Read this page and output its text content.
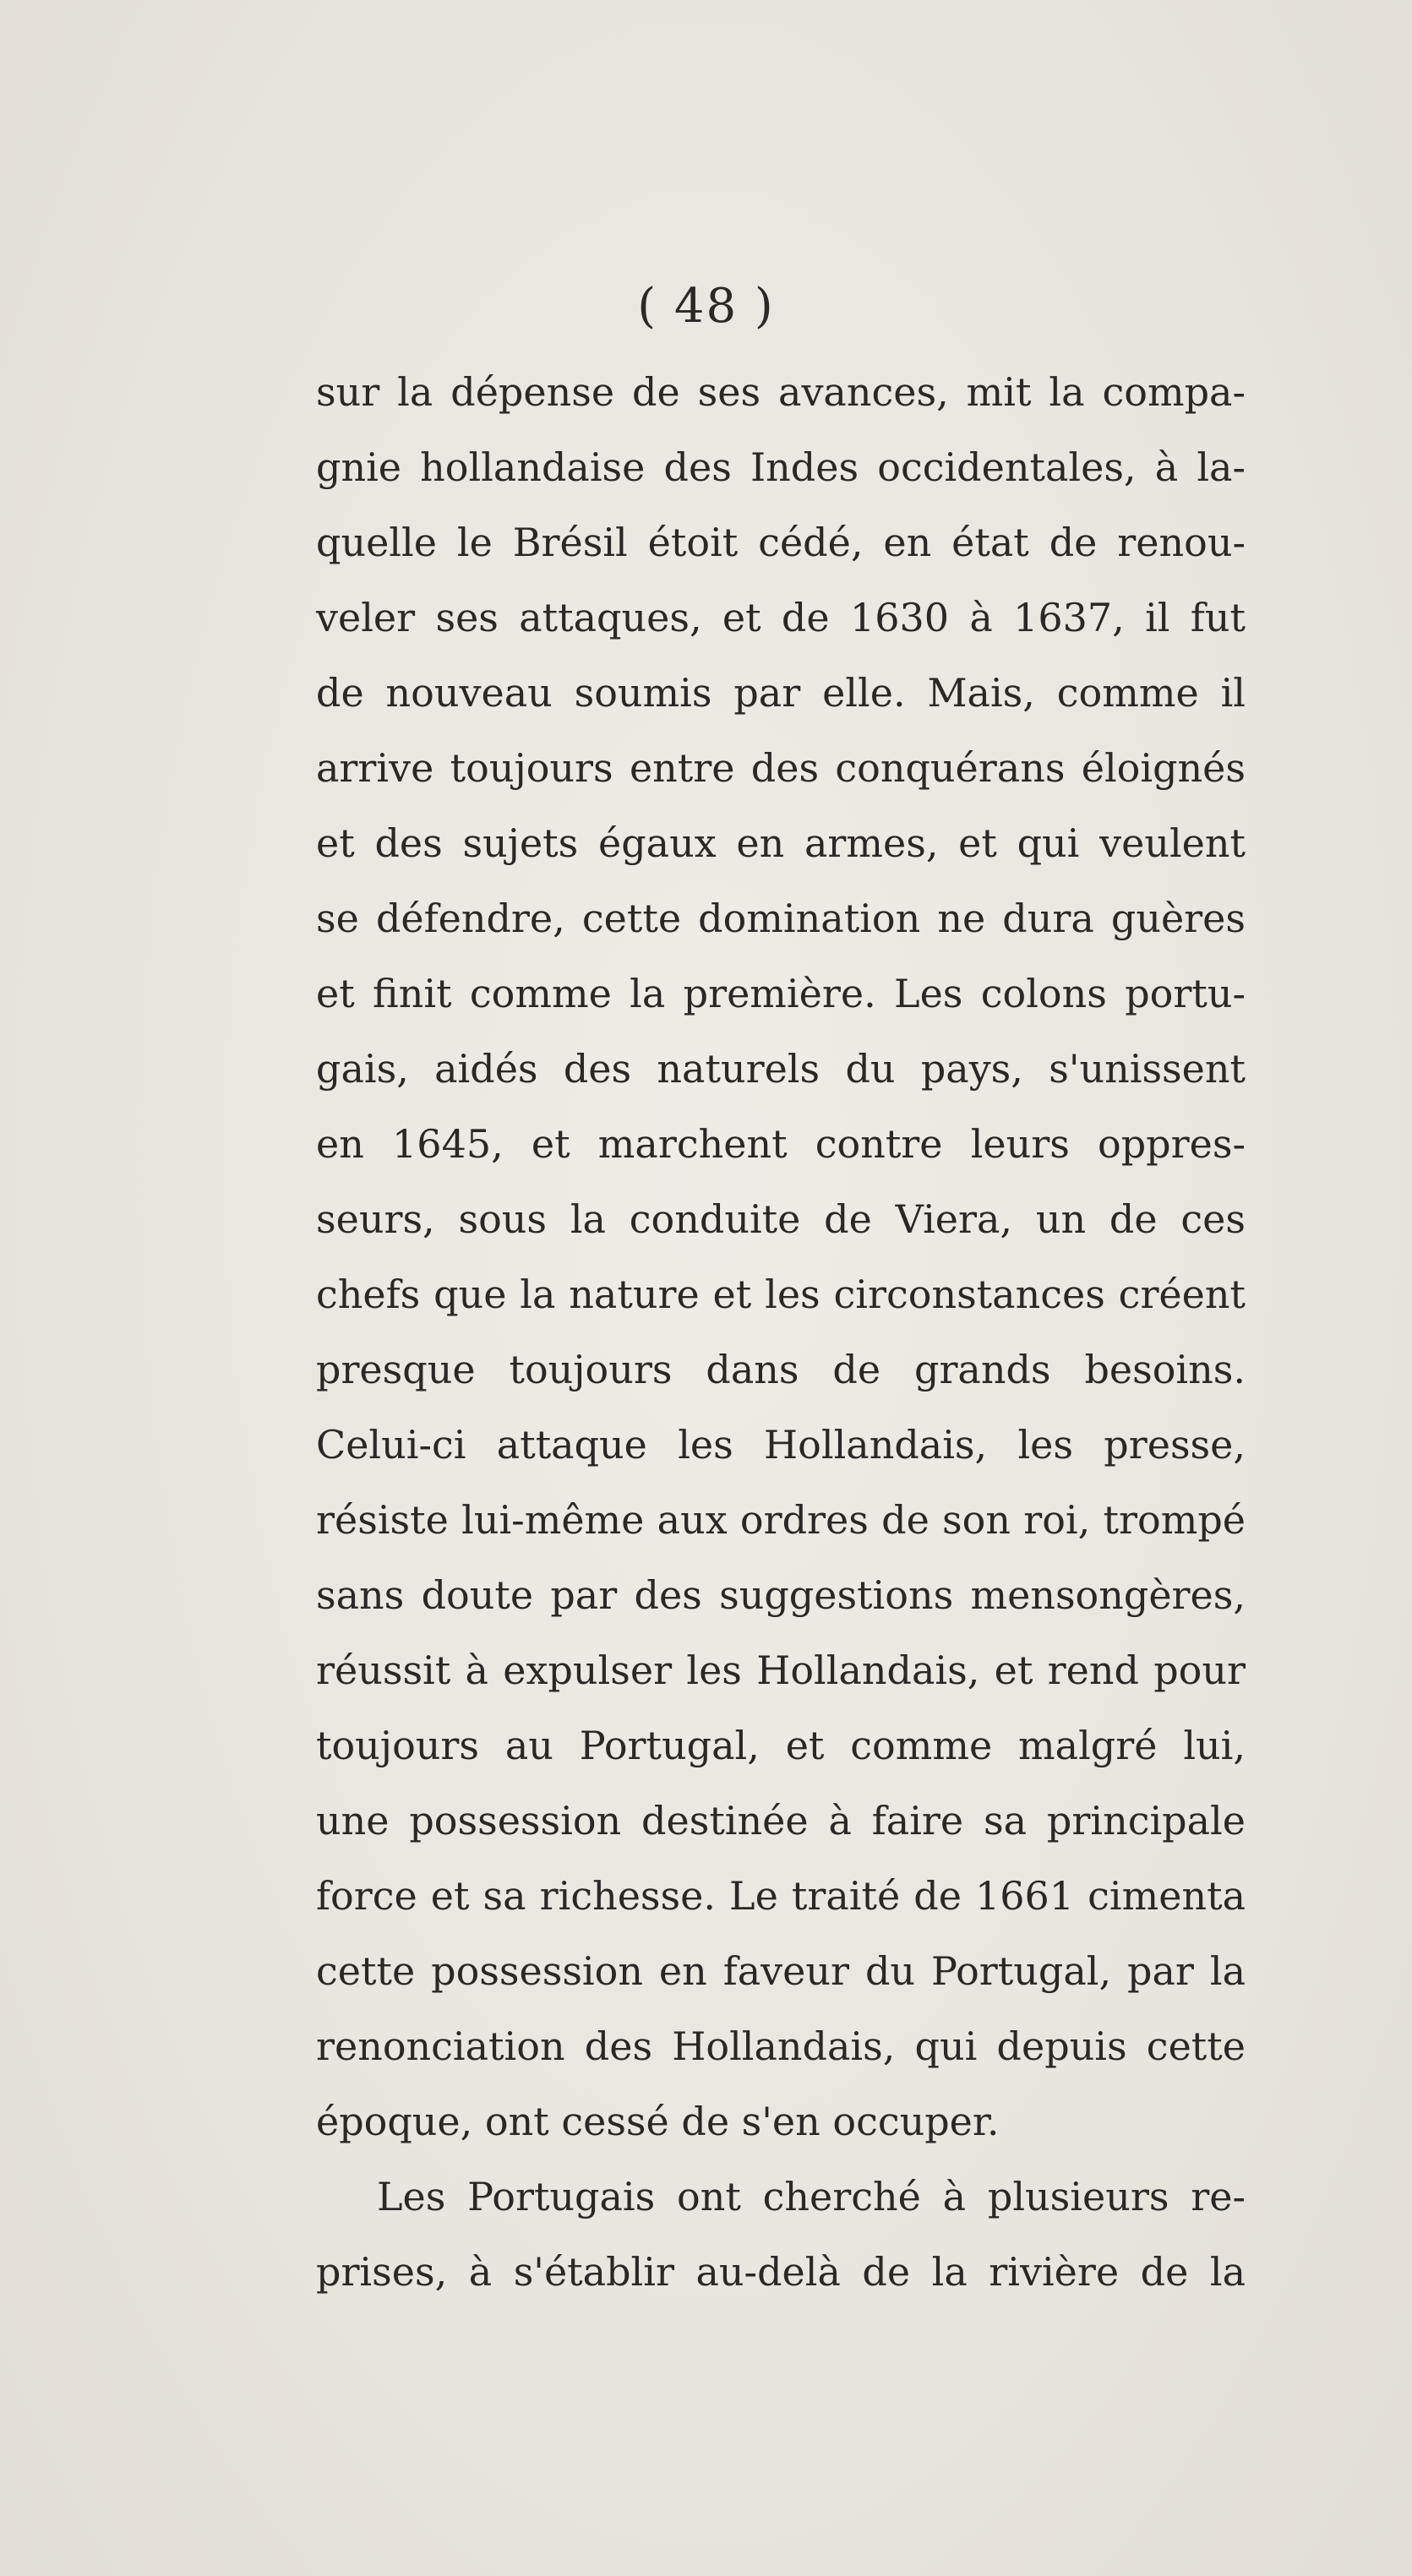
( 48 )
sur la dépense de ses avances, mit la compa-
gnie hollandaise des Indes occidentales, à la-
quelle le Brésil étoit cédé, en état de renou-
veler ses attaques, et de 1630 à 1637, il fut
de nouveau soumis par elle. Mais, comme il
arrive toujours entre des conquérans éloignés
et des sujets égaux en armes, et qui veulent
se défendre, cette domination ne dura guères
et finit comme la première. Les colons portu-
gais, aidés des naturels du pays, s'unissent
en 1645, et marchent contre leurs oppres-
seurs, sous la conduite de Viera, un de ces
chefs que la nature et les circonstances créent
presque toujours dans de grands besoins.
Celui-ci attaque les Hollandais, les presse,
résiste lui-même aux ordres de son roi, trompé
sans doute par des suggestions mensongères,
réussit à expulser les Hollandais, et rend pour
toujours au Portugal, et comme malgré lui,
une possession destinée à faire sa principale
force et sa richesse. Le traité de 1661 cimenta
cette possession en faveur du Portugal, par la
renonciation des Hollandais, qui depuis cette
époque, ont cessé de s'en occuper.
Les Portugais ont cherché à plusieurs re-
prises, à s'établir au-delà de la rivière de la
